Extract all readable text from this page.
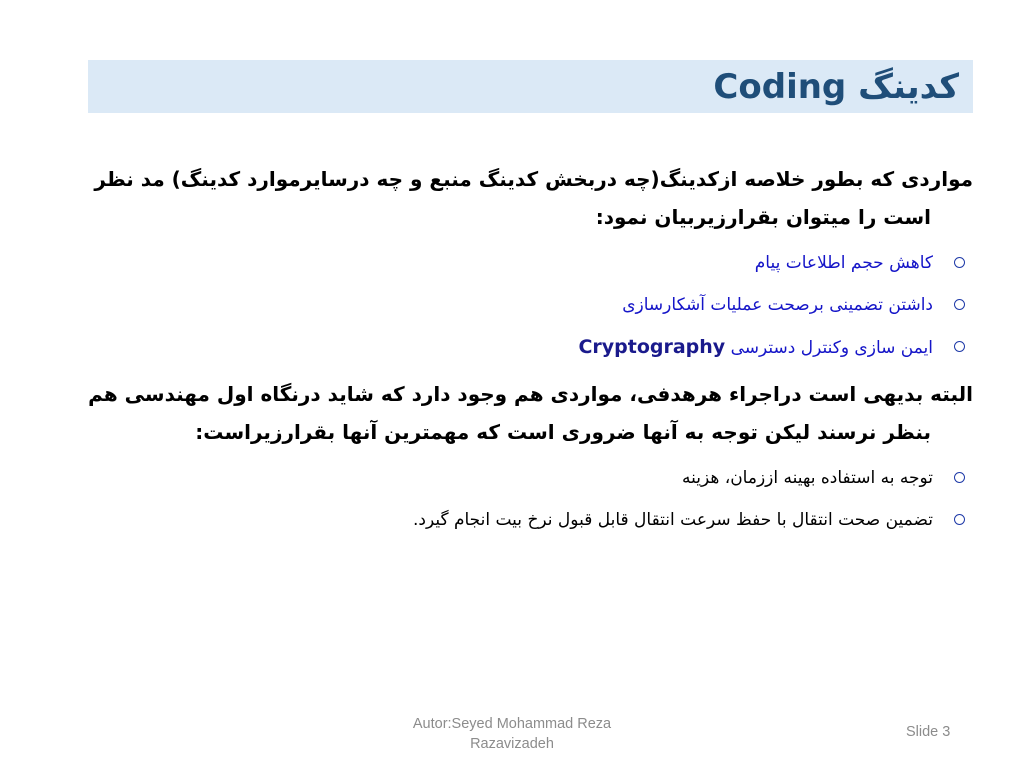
Coding کدینگ

مواردی که بطور خلاصه ازکدینگ(چه دربخش کدینگ منبع و چه درسایرموارد کدینگ) مد نظر است را میتوان بقرارزیربیان نمود:

کاهش حجم اطلاعات پیام
داشتن تضمینی برصحت عملیات آشکارسازی
ایمن سازی وکنترل دسترسی Cryptography

البته بدیهی است دراجراء هرهدفی، مواردی هم وجود دارد که شاید درنگاه اول مهندسی هم بنظر نرسند لیکن توجه به آنها ضروری است که مهمترین آنها بقرارزیراست:

توجه به استفاده بهینه اززمان، هزینه
تضمین صحت انتقال با حفظ سرعت انتقال قابل قبول نرخ بیت انجام گیرد.
Autor:Seyed Mohammad Reza
Razavizadeh
Slide 3
